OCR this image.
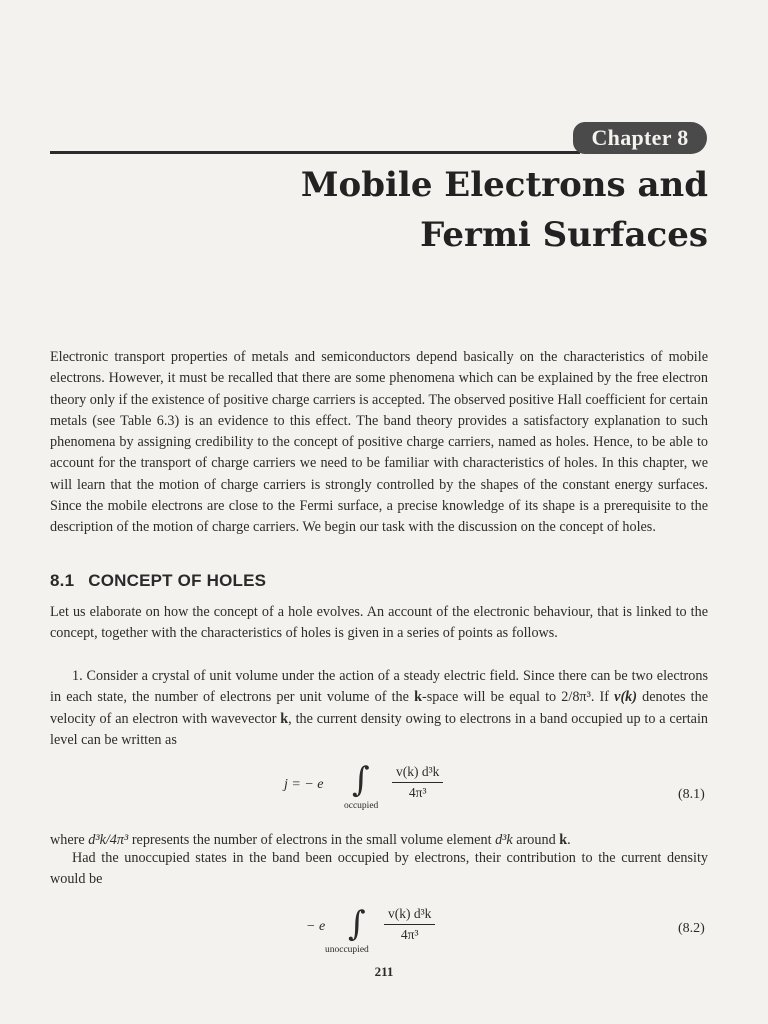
Chapter 8
Mobile Electrons and
Fermi Surfaces
Electronic transport properties of metals and semiconductors depend basically on the characteristics of mobile electrons. However, it must be recalled that there are some phenomena which can be explained by the free electron theory only if the existence of positive charge carriers is accepted. The observed positive Hall coefficient for certain metals (see Table 6.3) is an evidence to this effect. The band theory provides a satisfactory explanation to such phenomena by assigning credibility to the concept of positive charge carriers, named as holes. Hence, to be able to account for the transport of charge carriers we need to be familiar with characteristics of holes. In this chapter, we will learn that the motion of charge carriers is strongly controlled by the shapes of the constant energy surfaces. Since the mobile electrons are close to the Fermi surface, a precise knowledge of its shape is a prerequisite to the description of the motion of charge carriers. We begin our task with the discussion on the concept of holes.
8.1 CONCEPT OF HOLES
Let us elaborate on how the concept of a hole evolves. An account of the electronic behaviour, that is linked to the concept, together with the characteristics of holes is given in a series of points as follows.
1. Consider a crystal of unit volume under the action of a steady electric field. Since there can be two electrons in each state, the number of electrons per unit volume of the k-space will be equal to 2/8π³. If v(k) denotes the velocity of an electron with wavevector k, the current density owing to electrons in a band occupied up to a certain level can be written as
j = − e ∫
occupied
v(k) d³k
4π³	(8.1)
where d³k/4π³ represents the number of electrons in the small volume element d³k around k.
Had the unoccupied states in the band been occupied by electrons, their contribution to the current density would be
− e ∫
unoccupied
v(k) d³k
4π³	(8.2)
211
